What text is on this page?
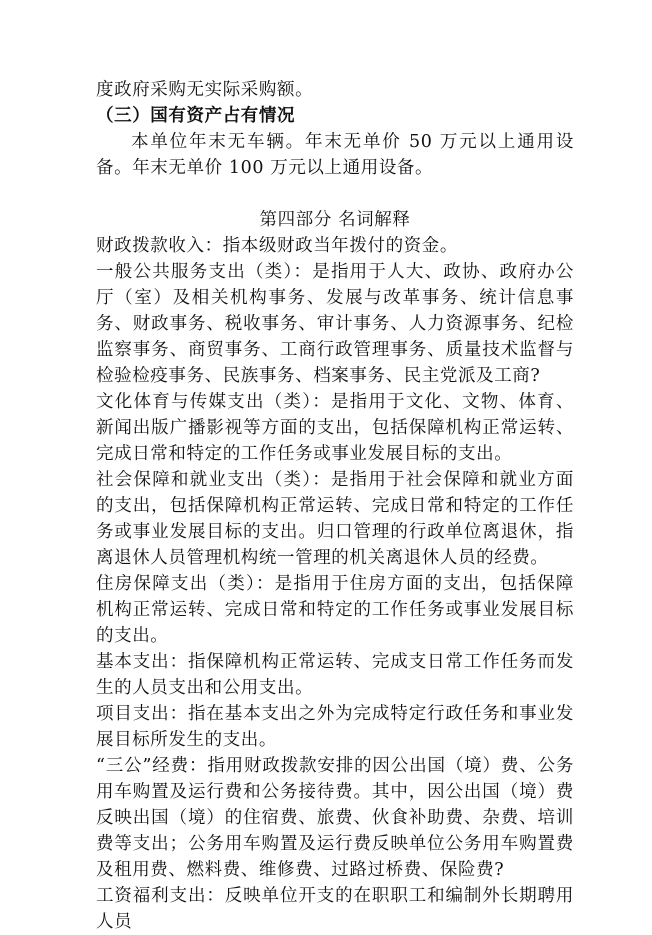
度政府采购无实际采购额。

（三）国有资产占有情况

本单位年末无车辆。年末无单价 50 万元以上通用设备。年末无单价 100 万元以上通用设备。

第四部分 名词解释

财政拨款收入：指本级财政当年拨付的资金。

一般公共服务支出（类）：是指用于人大、政协、政府办公厅（室）及相关机构事务、发展与改革事务、统计信息事务、财政事务、税收事务、审计事务、人力资源事务、纪检监察事务、商贸事务、工商行政管理事务、质量技术监督与检验检疫事务、民族事务、档案事务、民主党派及工商?

文化体育与传媒支出（类）：是指用于文化、文物、体育、新闻出版广播影视等方面的支出，包括保障机构正常运转、完成日常和特定的工作任务或事业发展目标的支出。

社会保障和就业支出（类）：是指用于社会保障和就业方面的支出，包括保障机构正常运转、完成日常和特定的工作任务或事业发展目标的支出。归口管理的行政单位离退休，指离退休人员管理机构统一管理的机关离退休人员的经费。

住房保障支出（类）：是指用于住房方面的支出，包括保障机构正常运转、完成日常和特定的工作任务或事业发展目标的支出。

基本支出：指保障机构正常运转、完成支日常工作任务而发生的人员支出和公用支出。

项目支出：指在基本支出之外为完成特定行政任务和事业发展目标所发生的支出。

“三公”经费：指用财政拨款安排的因公出国（境）费、公务用车购置及运行费和公务接待费。其中，因公出国（境）费反映出国（境）的住宿费、旅费、伙食补助费、杂费、培训费等支出；公务用车购置及运行费反映单位公务用车购置费及租用费、燃料费、维修费、过路过桥费、保险费?

工资福利支出：反映单位开支的在职职工和编制外长期聘用人员
